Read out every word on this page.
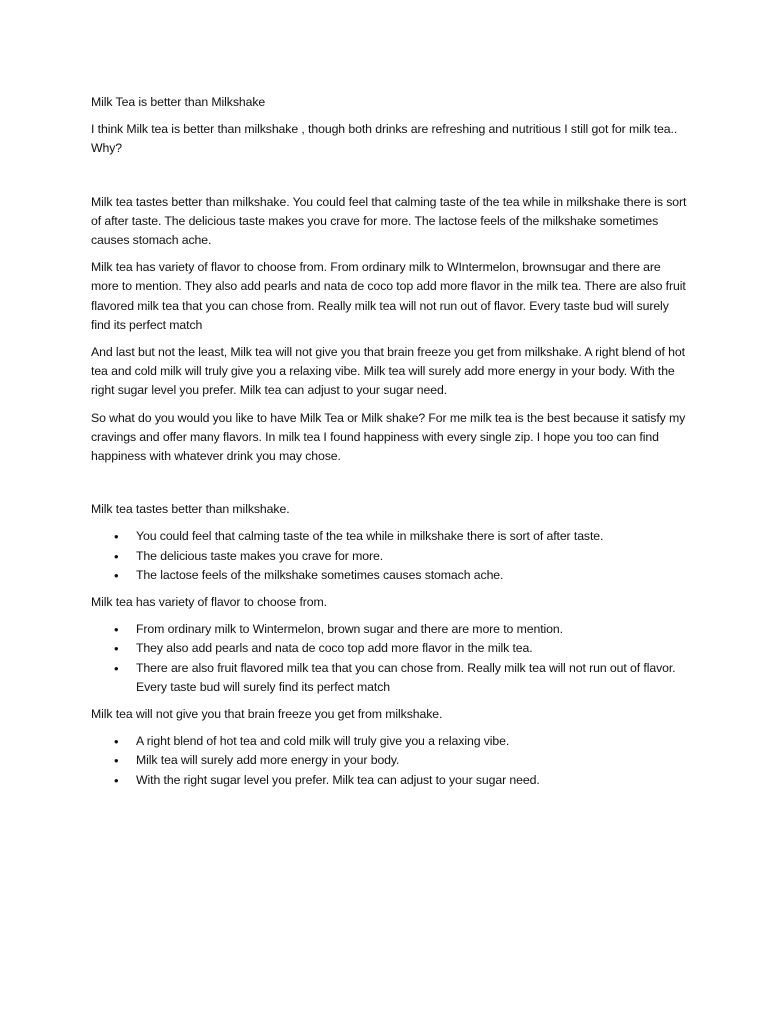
Milk Tea is better than Milkshake

I think Milk tea is better than milkshake , though both drinks are refreshing and nutritious I still got for milk tea.. Why?

Milk tea tastes better than milkshake. You could feel that calming taste of the tea while in milkshake there is sort of after taste. The delicious taste makes you crave for more. The lactose feels of the milkshake sometimes causes stomach ache.

Milk tea has variety of flavor to choose from. From ordinary milk to WIntermelon, brownsugar and there are more to mention. They also add pearls and nata de coco top add more flavor in the milk tea. There are also fruit flavored milk tea that you can chose from. Really milk tea will not run out of flavor. Every taste bud will surely find its perfect match

And last but not the least, Milk tea will not give you that brain freeze you get from milkshake. A right blend of hot tea and cold milk will truly give you a relaxing vibe. Milk tea will surely add more energy in your body. With the right sugar level you prefer. Milk tea can adjust to your sugar need.

So what do you would you like to have Milk Tea or Milk shake? For me milk tea is the best because it satisfy my cravings and offer many flavors. In milk tea I found happiness with every single zip. I hope you too can find happiness with whatever drink you may chose.

Milk tea tastes better than milkshake.

• You could feel that calming taste of the tea while in milkshake there is sort of after taste.
• The delicious taste makes you crave for more.
• The lactose feels of the milkshake sometimes causes stomach ache.

Milk tea has variety of flavor to choose from.

• From ordinary milk to Wintermelon, brown sugar and there are more to mention.
• They also add pearls and nata de coco top add more flavor in the milk tea.
• There are also fruit flavored milk tea that you can chose from. Really milk tea will not run out of flavor. Every taste bud will surely find its perfect match

Milk tea will not give you that brain freeze you get from milkshake.

• A right blend of hot tea and cold milk will truly give you a relaxing vibe.
• Milk tea will surely add more energy in your body.
• With the right sugar level you prefer. Milk tea can adjust to your sugar need.
